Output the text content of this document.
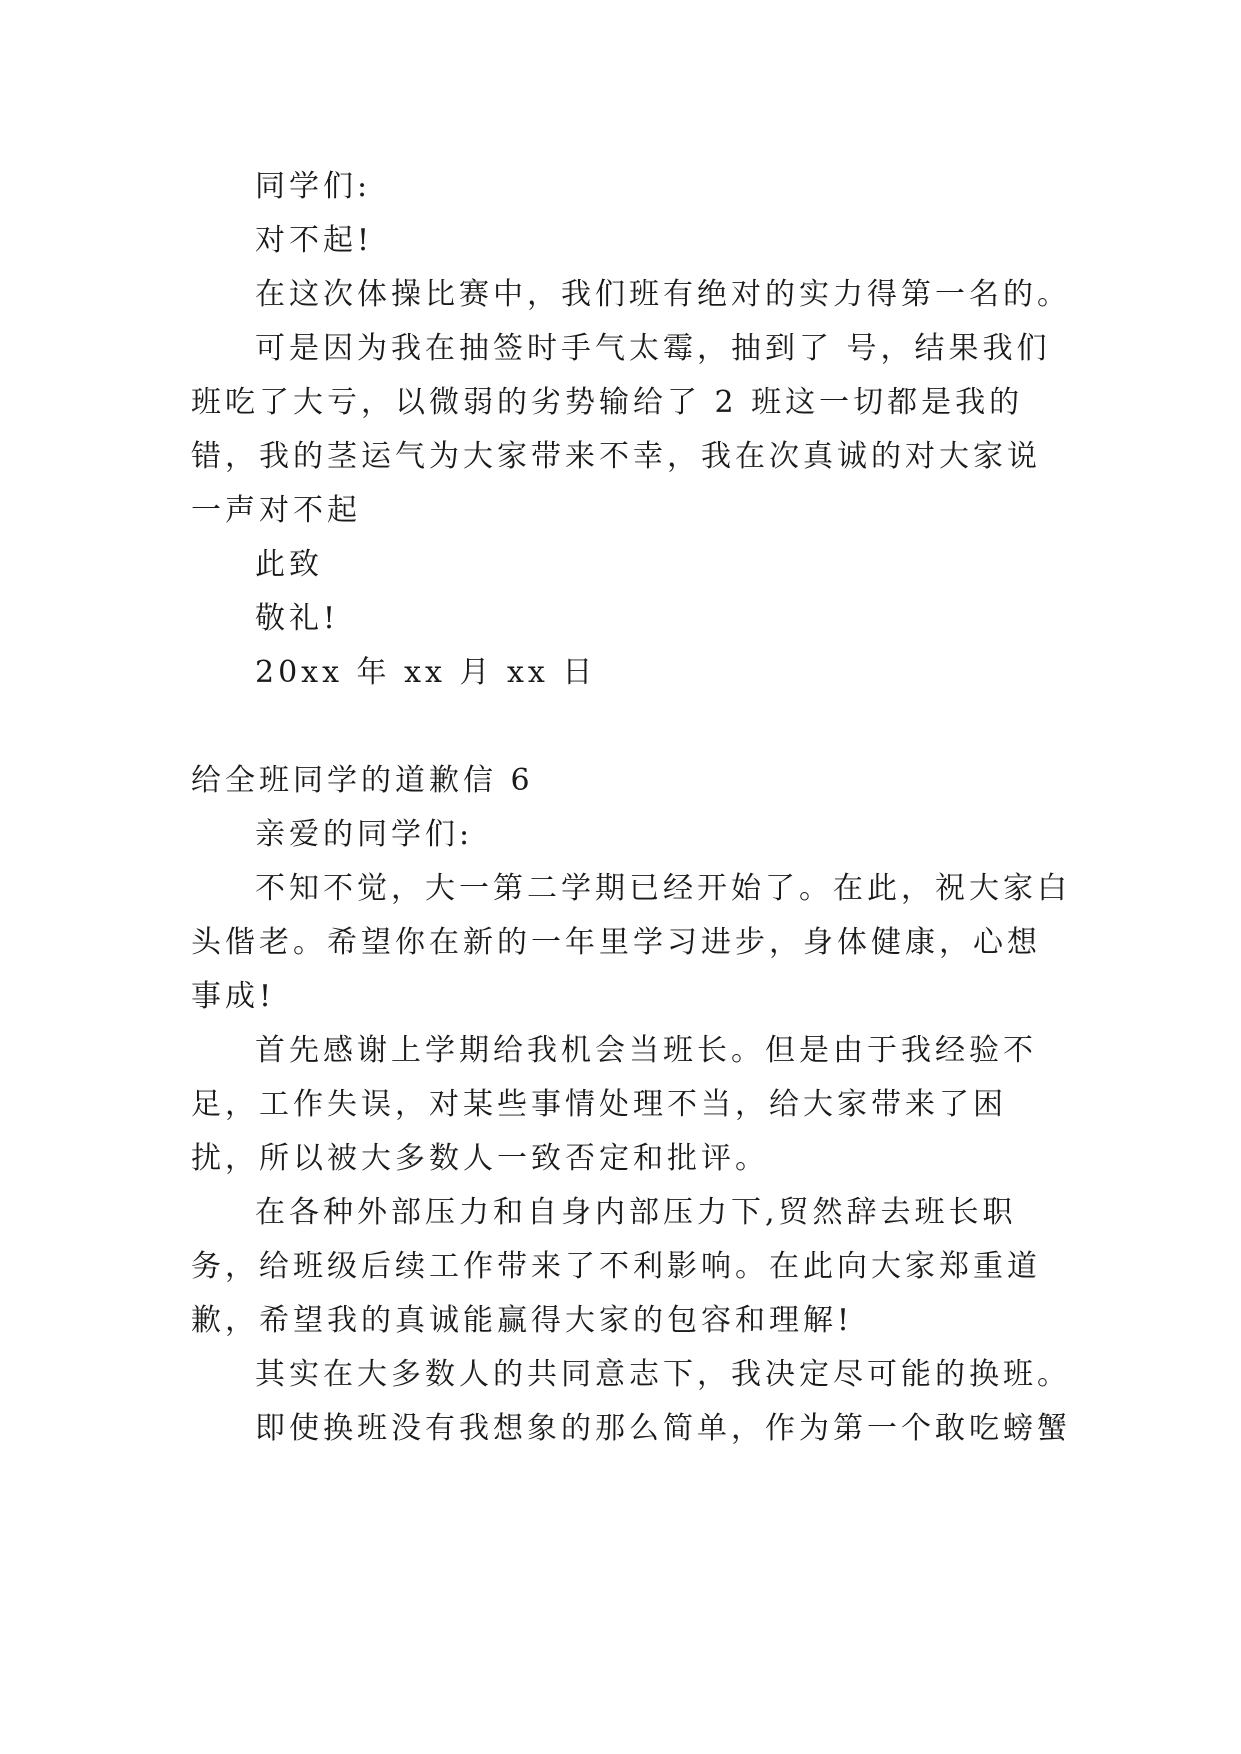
同学们:

对不起!

在这次体操比赛中，我们班有绝对的实力得第一名的。

可是因为我在抽签时手气太霉，抽到了 号，结果我们班吃了大亏，以微弱的劣势输给了 2 班这一切都是我的错，我的茎运气为大家带来不幸，我在次真诚的对大家说一声对不起

此致

敬礼!

20xx 年 xx 月 xx 日

给全班同学的道歉信 6

亲爱的同学们:

不知不觉，大一第二学期已经开始了。在此，祝大家白头偕老。希望你在新的一年里学习进步，身体健康，心想事成!

首先感谢上学期给我机会当班长。但是由于我经验不足，工作失误，对某些事情处理不当，给大家带来了困扰，所以被大多数人一致否定和批评。

在各种外部压力和自身内部压力下,贸然辞去班长职务，给班级后续工作带来了不利影响。在此向大家郑重道歉，希望我的真诚能赢得大家的包容和理解!

其实在大多数人的共同意志下，我决定尽可能的换班。

即使换班没有我想象的那么简单，作为第一个敢吃螃蟹
